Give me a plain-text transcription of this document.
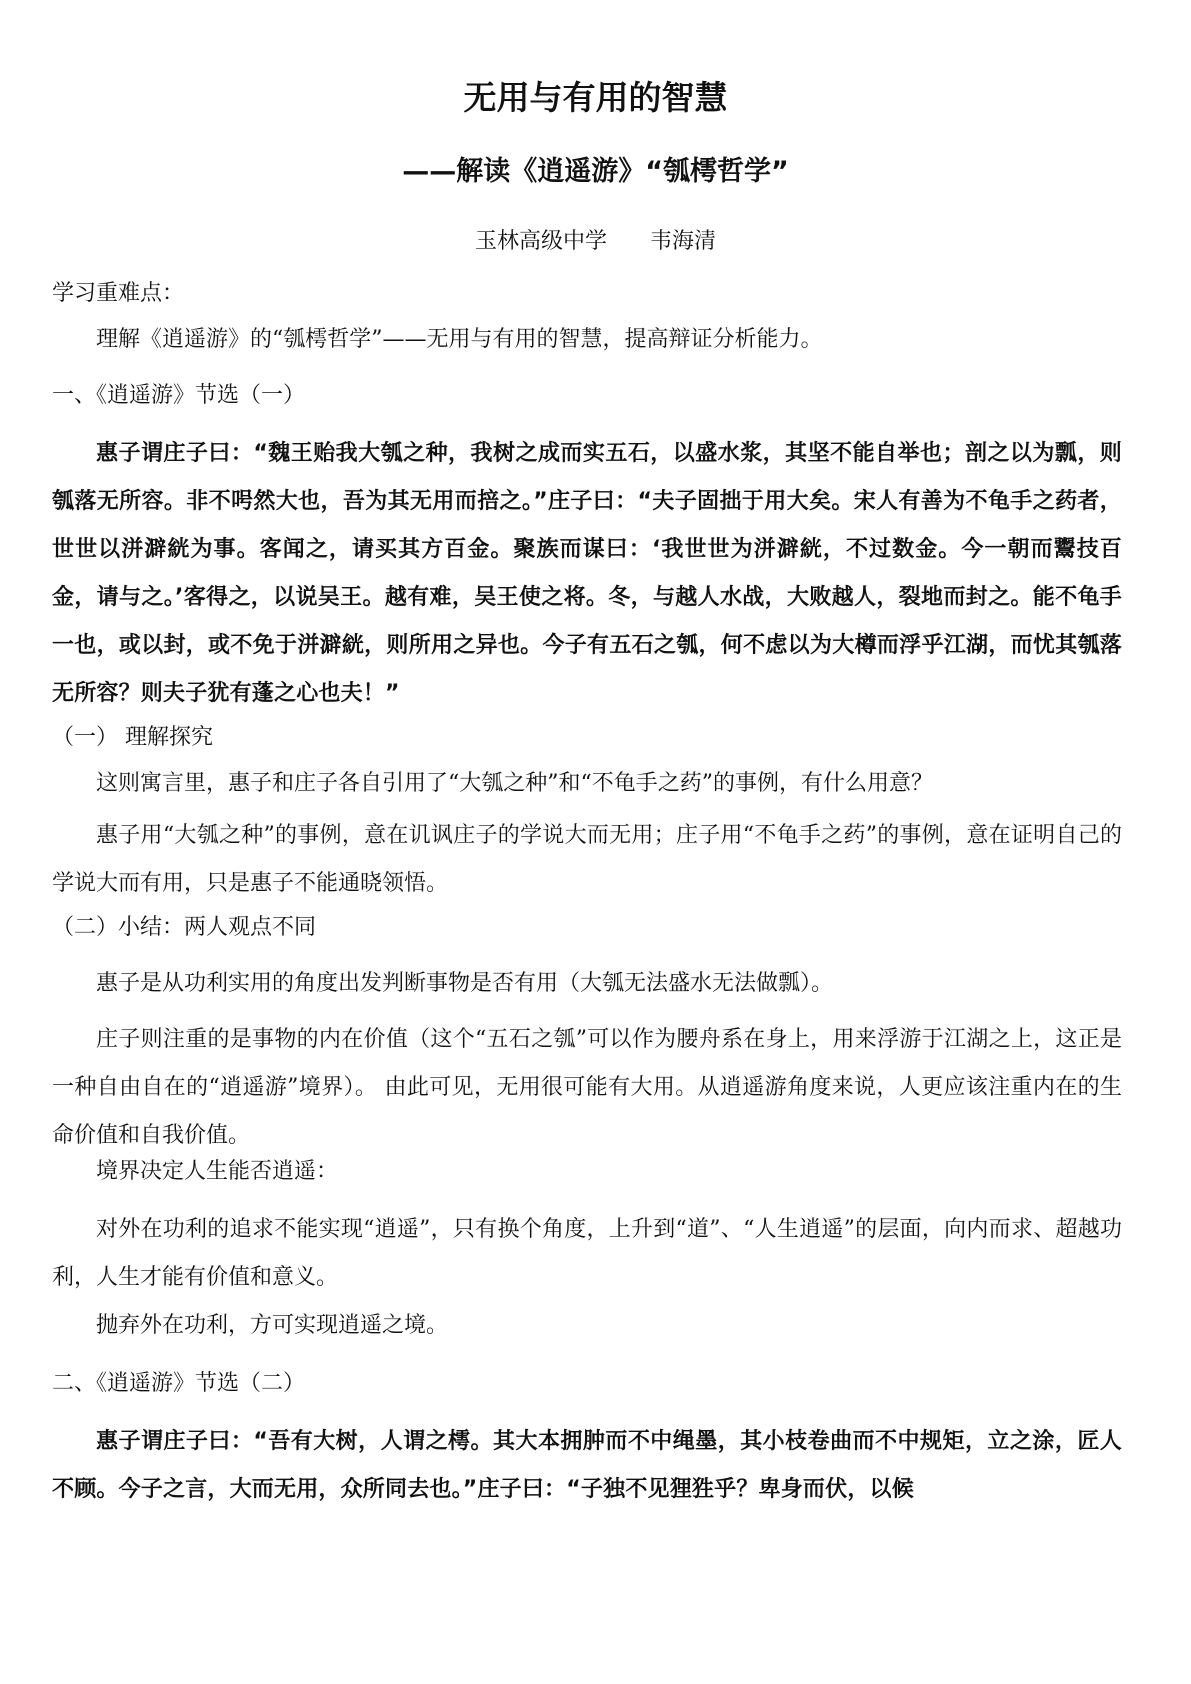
无用与有用的智慧
——解读《逍遥游》“瓠樗哲学”
玉林高级中学 韦海清

学习重难点：

理解《逍遥游》的“瓠樗哲学”——无用与有用的智慧，提高辩证分析能力。

一、《逍遥游》节选（一）

惠子谓庄子曰：“魏王贻我大瓠之种，我树之成而实五石，以盛水浆，其坚不能自举也；剖之以为瓢，则瓠落无所容。非不呺然大也，吾为其无用而掊之。”庄子曰：“夫子固拙于用大矣。宋人有善为不龟手之药者，世世以洴澼絖为事。客闻之，请买其方百金。聚族而谋曰：‘我世世为洴澼絖，不过数金。今一朝而鬻技百金，请与之。’客得之，以说吴王。越有难，吴王使之将。冬，与越人水战，大败越人，裂地而封之。能不龟手一也，或以封，或不免于洴澼絖，则所用之异也。今子有五石之瓠，何不虑以为大樽而浮乎江湖，而忧其瓠落无所容？则夫子犹有蓬之心也夫！”

（一） 理解探究

这则寓言里，惠子和庄子各自引用了“大瓠之种”和“不龟手之药”的事例，有什么用意？

惠子用“大瓠之种”的事例，意在讥讽庄子的学说大而无用；庄子用“不龟手之药”的事例，意在证明自己的学说大而有用，只是惠子不能通晓领悟。

（二）小结：两人观点不同

惠子是从功利实用的角度出发判断事物是否有用（大瓠无法盛水无法做瓢）。

庄子则注重的是事物的内在价值（这个“五石之瓠”可以作为腰舟系在身上，用来浮游于江湖之上，这正是一种自由自在的“逍遥游”境界）。 由此可见，无用很可能有大用。从逍遥游角度来说，人更应该注重内在的生命价值和自我价值。

境界决定人生能否逍遥：

对外在功利的追求不能实现“逍遥”，只有换个角度，上升到“道”、“人生逍遥”的层面，向内而求、超越功利，人生才能有价值和意义。

抛弃外在功利，方可实现逍遥之境。

二、《逍遥游》节选（二）

惠子谓庄子曰：“吾有大树，人谓之樗。其大本拥肿而不中绳墨，其小枝卷曲而不中规矩，立之涂，匠人不顾。今子之言，大而无用，众所同去也。”庄子曰：“子独不见狸狌乎？卑身而伏，以候
